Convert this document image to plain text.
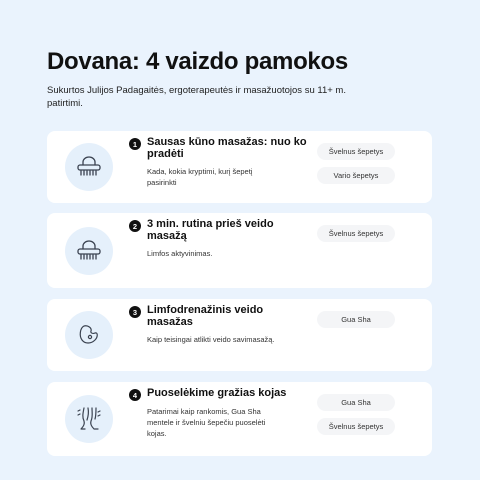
Dovana: 4 vaizdo pamokos
Sukurtos Julijos Padagaitės, ergoterapeutės ir masažuotojos su 11+ m. patirtimi.
1 Sausas kūno masažas: nuo ko pradėti
Kada, kokia kryptimi, kurį šepetį pasirinkti
Švelnus šepetys
Vario šepetys
2 3 min. rutina prieš veido masažą
Limfos aktyvinimas.
Švelnus šepetys
3 Limfodrenažinis veido masažas
Kaip teisingai atlikti veido savimasažą.
Gua Sha
4 Puoselėkime gražias kojas
Patarimai kaip rankomis, Gua Sha mentele ir švelniu šepečiu puoselėti kojas.
Gua Sha
Švelnus šepetys
